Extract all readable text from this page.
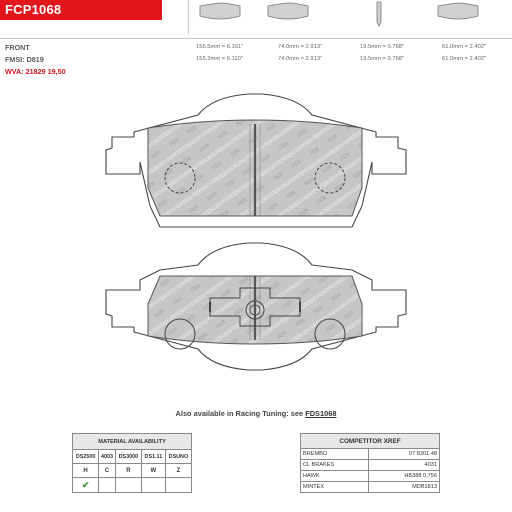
FCP1068
FRONT
FMSI: D819
WVA: 21829 19,50
156.5mm = 6.161"	74.0mm = 2.913"	19.5mm = 0.768"	61.0mm = 2.402"
155.2mm = 6.110"	74.0mm = 2.913"	19.5mm = 0.768"	61.0mm = 2.402"
Also available in Racing Tuning: see FDS1068
MATERIAL AVAILABILITY				
DS2500	4003	DS3000	DS1.11	DSUNO
H	C	R	W	Z
✔				
COMPETITOR XREF	
BREMBO	07.8301.48
CL BRAKES	4031
HAWK	HB388 0,756
MINTEX	MDB1813
